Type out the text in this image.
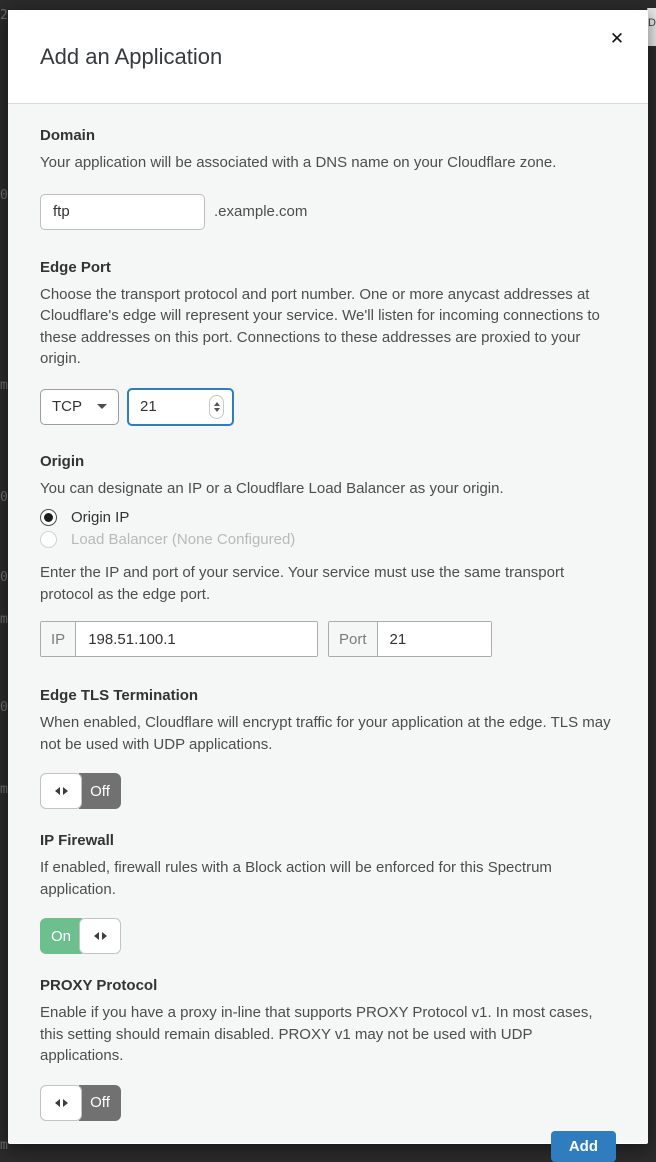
2
0
m
0
0
m
0
m
m
D
Add an Application
✕
Domain
Your application will be associated with a DNS name on your Cloudflare zone.
ftp
.example.com
Edge Port
Choose the transport protocol and port number. One or more anycast addresses at Cloudflare's edge will represent your service. We'll listen for incoming connections to these addresses on this port. Connections to these addresses are proxied to your origin.
TCP	21
Origin
You can designate an IP or a Cloudflare Load Balancer as your origin.
Origin IP
Load Balancer (None Configured)
Enter the IP and port of your service. Your service must use the same transport protocol as the edge port.
IP	198.51.100.1	Port	21
Edge TLS Termination
When enabled, Cloudflare will encrypt traffic for your application at the edge. TLS may not be used with UDP applications.
Off
IP Firewall
If enabled, firewall rules with a Block action will be enforced for this Spectrum application.
On
PROXY Protocol
Enable if you have a proxy in-line that supports PROXY Protocol v1. In most cases, this setting should remain disabled. PROXY v1 may not be used with UDP applications.
Off
Add
